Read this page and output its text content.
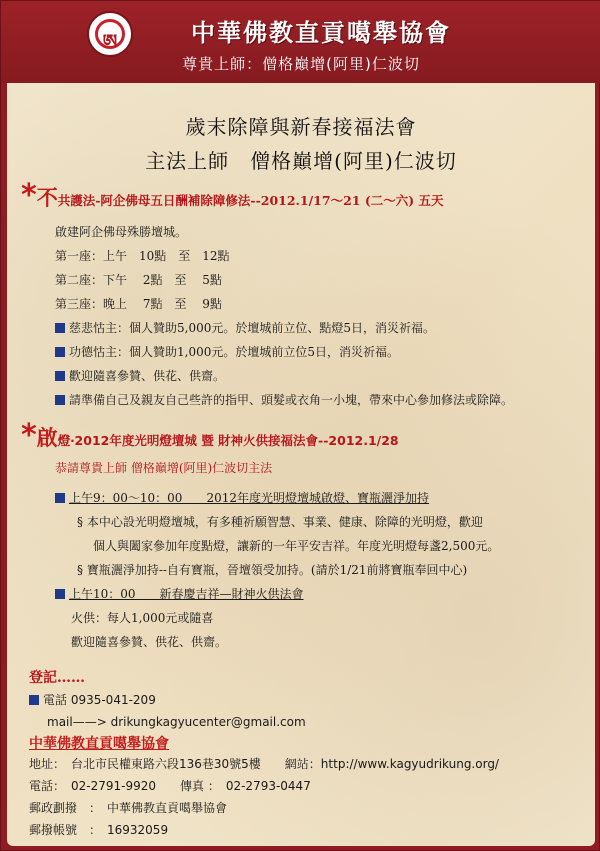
ཨ	中華佛教直貢噶舉協會
尊貴上師：僧格巔增(阿里)仁波切
歲末除障與新春接福法會
主法上師　僧格巔增(阿里)仁波切
*不共護法-阿企佛母五日酬補除障修法--2012.1/17～21 (二～六) 五天
啟建阿企佛母殊勝壇城。
第一座：上午　10點　至　12點
第二座：下午　 2點　至　 5點
第三座：晚上　 7點　至　 9點
慈悲怙主：個人贊助5,000元。於壇城前立位、點燈5日，消災祈福。
功德怙主：個人贊助1,000元。於壇城前立位5日，消災祈福。
歡迎隨喜參贊、供花、供齋。
請準備自己及親友自己些許的指甲、頭髮或衣角一小塊，帶來中心參加修法或除障。
*啟燈‧2012年度光明燈壇城 暨 財神火供接福法會--2012.1/28
恭請尊貴上師 僧格巔增(阿里)仁波切主法
上午9：00～10：00　　2012年度光明燈壇城啟燈、寶瓶灑淨加持
§ 本中心設光明燈壇城，有多種祈願智慧、事業、健康、除障的光明燈，歡迎
個人與闔家參加年度點燈，讓新的一年平安吉祥。年度光明燈每盞2,500元。
§ 寶瓶灑淨加持--自有寶瓶，晉壇領受加持。(請於1/21前將寶瓶奉回中心)
上午10：00　　新春慶吉祥—財神火供法會
火供：每人1,000元或隨喜
歡迎隨喜參贊、供花、供齋。
登記……
電話 0935-041-209
mail——> drikungkagyucenter@gmail.com
中華佛教直貢噶舉協會
地址：　台北市民權東路六段136巷30號5樓　　網站：http://www.kagyudrikung.org/
電話：　02-2791-9920　　傳真 ：　02-2793-0447
郵政劃撥　：　中華佛教直貢噶舉協會
郵撥帳號　：　16932059
